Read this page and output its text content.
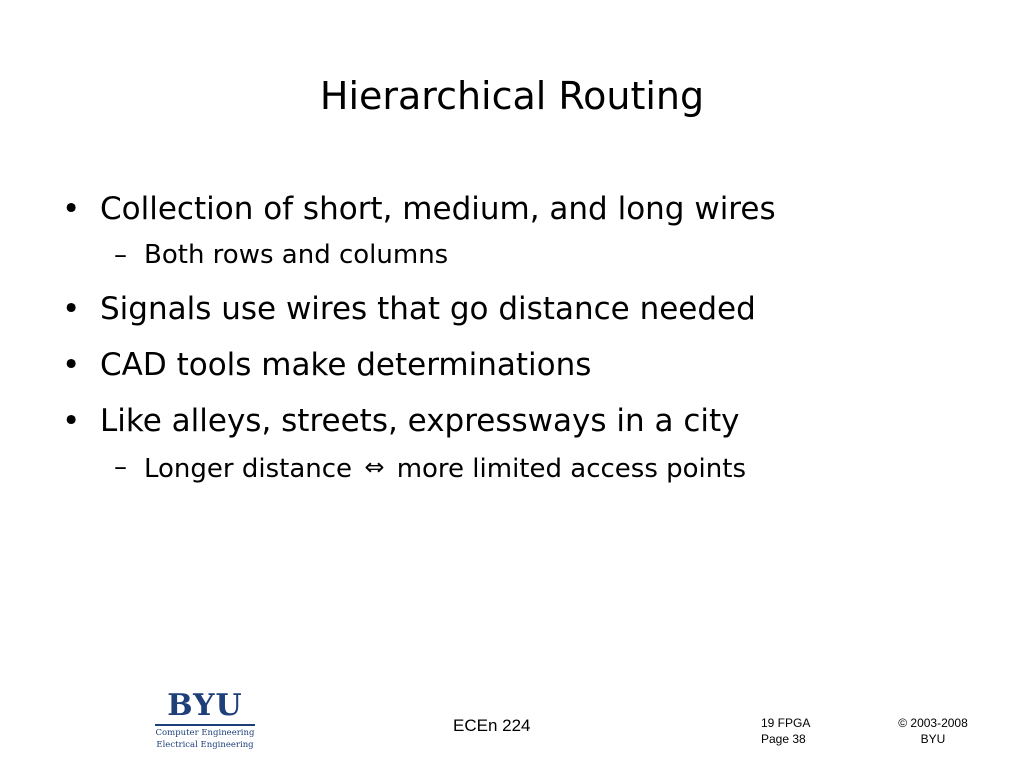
Hierarchical Routing
• Collection of short, medium, and long wires
– Both rows and columns
• Signals use wires that go distance needed
• CAD tools make determinations
• Like alleys, streets, expressways in a city
– Longer distance ⇔ more limited access points
BYU
Computer Engineering
Electrical Engineering
ECEn 224	19 FPGA
Page 38
© 2003-2008
BYU
